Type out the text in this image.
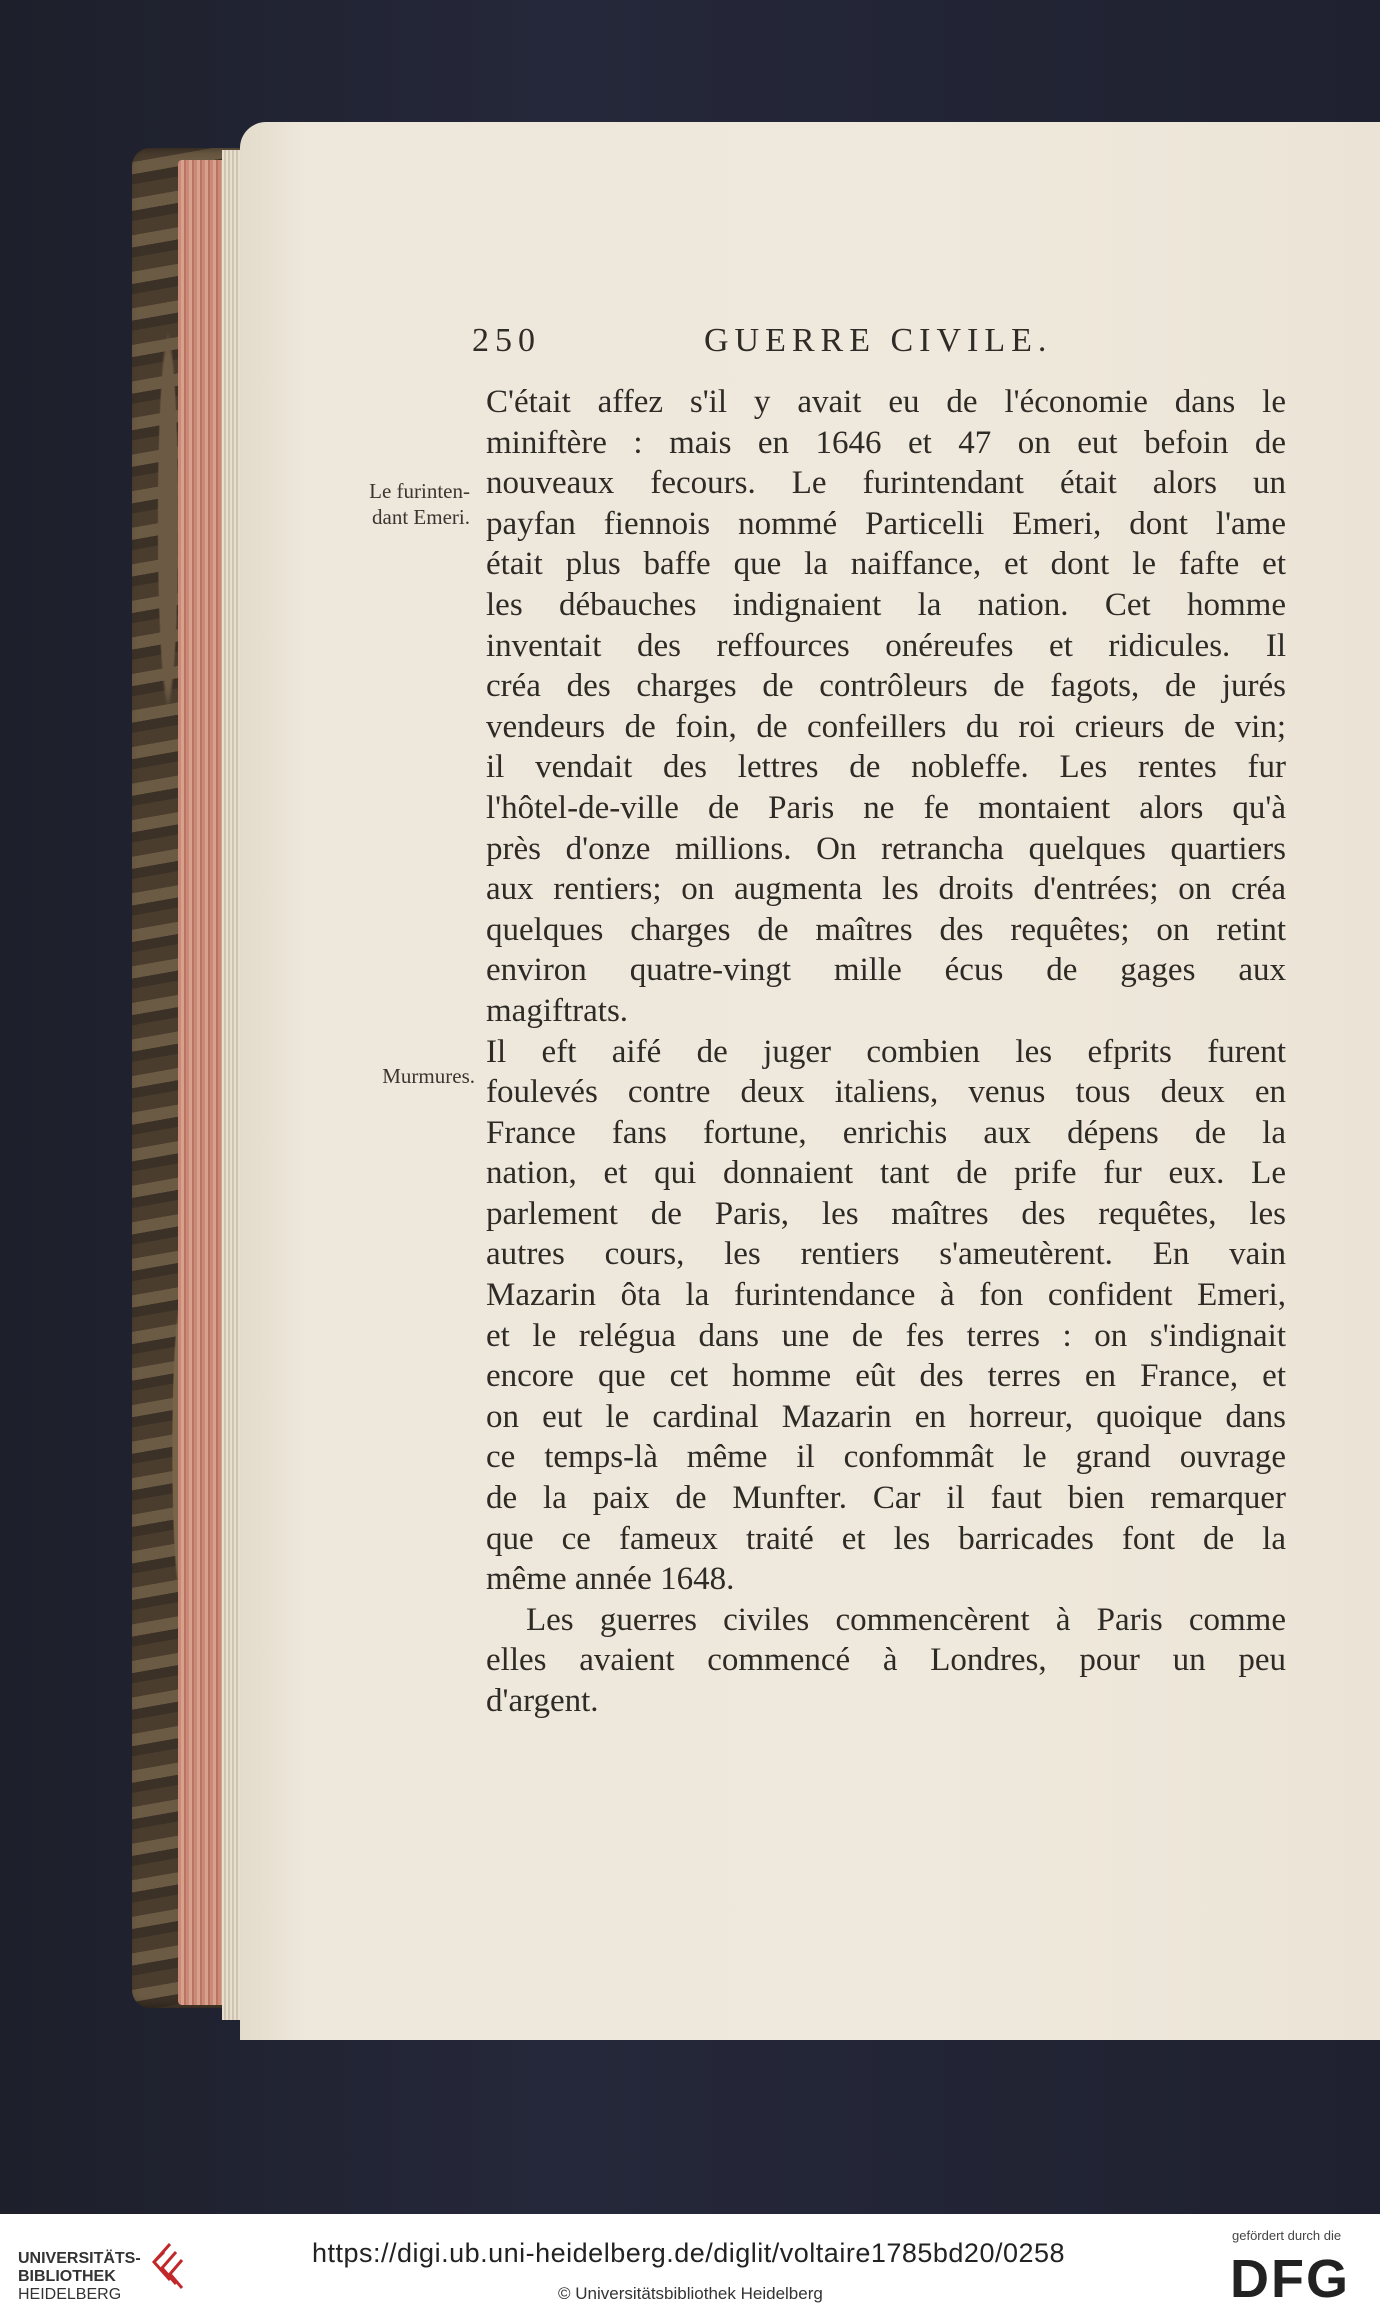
250	GUERRE CIVILE.
Le furinten-
dant Emeri.
Murmures.
C'était affez s'il y avait eu de l'économie dans le
miniftère : mais en 1646 et 47 on eut befoin de
nouveaux fecours. Le furintendant était alors un
payfan fiennois nommé Particelli Emeri, dont l'ame
était plus baffe que la naiffance, et dont le fafte et
les débauches indignaient la nation. Cet homme
inventait des reffources onéreufes et ridicules. Il
créa des charges de contrôleurs de fagots, de jurés
vendeurs de foin, de confeillers du roi crieurs de vin;
il vendait des lettres de nobleffe. Les rentes fur
l'hôtel-de-ville de Paris ne fe montaient alors qu'à
près d'onze millions. On retrancha quelques quartiers
aux rentiers; on augmenta les droits d'entrées; on créa
quelques charges de maîtres des requêtes; on retint
environ quatre-vingt mille écus de gages aux
magiftrats.
Il eft aifé de juger combien les efprits furent
foulevés contre deux italiens, venus tous deux en
France fans fortune, enrichis aux dépens de la
nation, et qui donnaient tant de prife fur eux. Le
parlement de Paris, les maîtres des requêtes, les
autres cours, les rentiers s'ameutèrent. En vain
Mazarin ôta la furintendance à fon confident Emeri,
et le relégua dans une de fes terres : on s'indignait
encore que cet homme eût des terres en France, et
on eut le cardinal Mazarin en horreur, quoique dans
ce temps-là même il confommât le grand ouvrage
de la paix de Munfter. Car il faut bien remarquer
que ce fameux traité et les barricades font de la
même année 1648.
Les guerres civiles commencèrent à Paris comme
elles avaient commencé à Londres, pour un peu
d'argent.
UNIVERSITÄTS-
BIBLIOTHEK
HEIDELBERG
https://digi.ub.uni-heidelberg.de/diglit/voltaire1785bd20/0258
© Universitätsbibliothek Heidelberg
gefördert durch die
DFG
